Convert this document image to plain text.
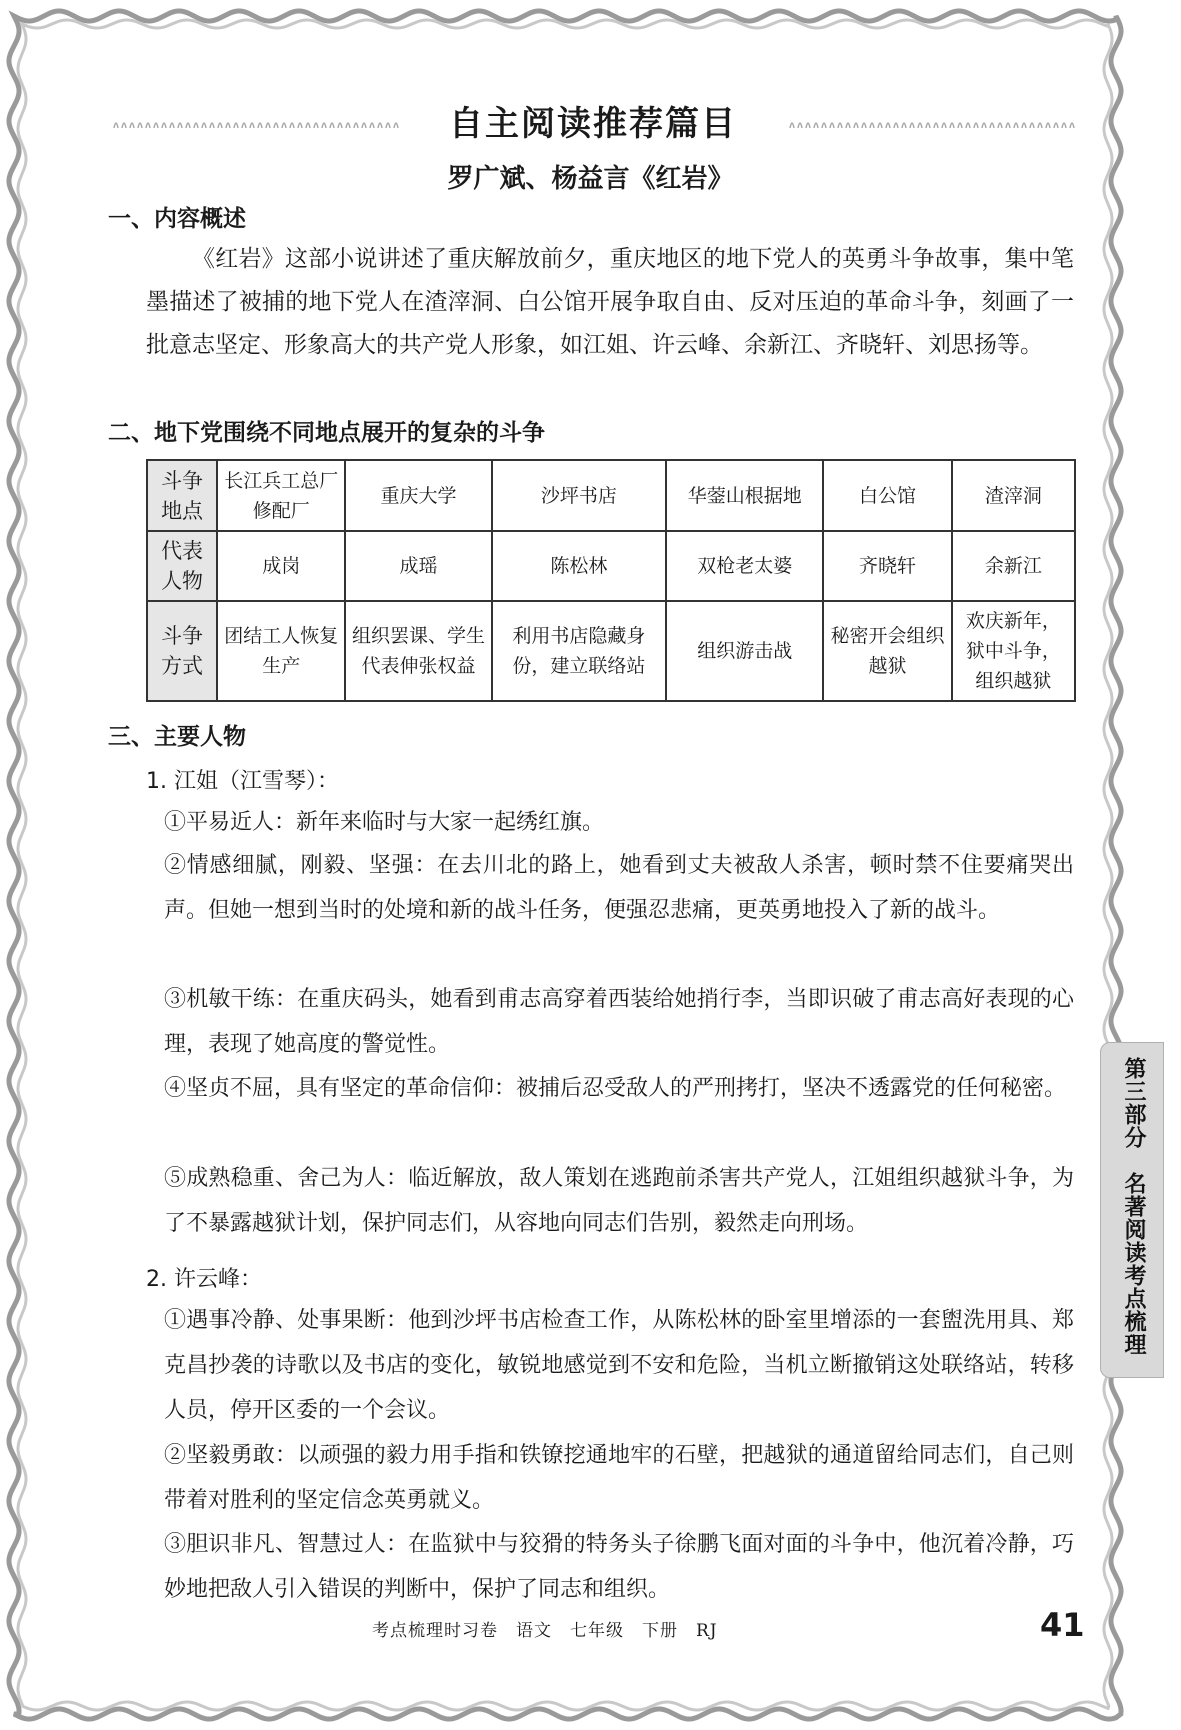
自主阅读推荐篇目
罗广斌、杨益言《红岩》
一、内容概述
《红岩》这部小说讲述了重庆解放前夕，重庆地区的地下党人的英勇斗争故事，集中笔墨描述了被捕的地下党人在渣滓洞、白公馆开展争取自由、反对压迫的革命斗争，刻画了一批意志坚定、形象高大的共产党人形象，如江姐、许云峰、余新江、齐晓轩、刘思扬等。
二、地下党围绕不同地点展开的复杂的斗争
斗争地点	长江兵工总厂修配厂	重庆大学	沙坪书店	华蓥山根据地	白公馆	渣滓洞
代表人物	成岗	成瑶	陈松林	双枪老太婆	齐晓轩	余新江
斗争方式	团结工人恢复生产	组织罢课、学生代表伸张权益	利用书店隐藏身份，建立联络站	组织游击战	秘密开会组织越狱	欢庆新年，狱中斗争，组织越狱
三、主要人物
1. 江姐（江雪琴）：
①平易近人：新年来临时与大家一起绣红旗。
②情感细腻，刚毅、坚强：在去川北的路上，她看到丈夫被敌人杀害，顿时禁不住要痛哭出声。但她一想到当时的处境和新的战斗任务，便强忍悲痛，更英勇地投入了新的战斗。
③机敏干练：在重庆码头，她看到甫志高穿着西装给她捎行李，当即识破了甫志高好表现的心理，表现了她高度的警觉性。
④坚贞不屈，具有坚定的革命信仰：被捕后忍受敌人的严刑拷打，坚决不透露党的任何秘密。
⑤成熟稳重、舍己为人：临近解放，敌人策划在逃跑前杀害共产党人，江姐组织越狱斗争，为了不暴露越狱计划，保护同志们，从容地向同志们告别，毅然走向刑场。
2. 许云峰：
①遇事冷静、处事果断：他到沙坪书店检查工作，从陈松林的卧室里增添的一套盥洗用具、郑克昌抄袭的诗歌以及书店的变化，敏锐地感觉到不安和危险，当机立断撤销这处联络站，转移人员，停开区委的一个会议。
②坚毅勇敢：以顽强的毅力用手指和铁镣挖通地牢的石壁，把越狱的通道留给同志们，自己则带着对胜利的坚定信念英勇就义。
③胆识非凡、智慧过人：在监狱中与狡猾的特务头子徐鹏飞面对面的斗争中，他沉着冷静，巧妙地把敌人引入错误的判断中，保护了同志和组织。
考点梳理时习卷　语文　七年级　下册　RJ	41
第三部分　名著阅读考点梳理
